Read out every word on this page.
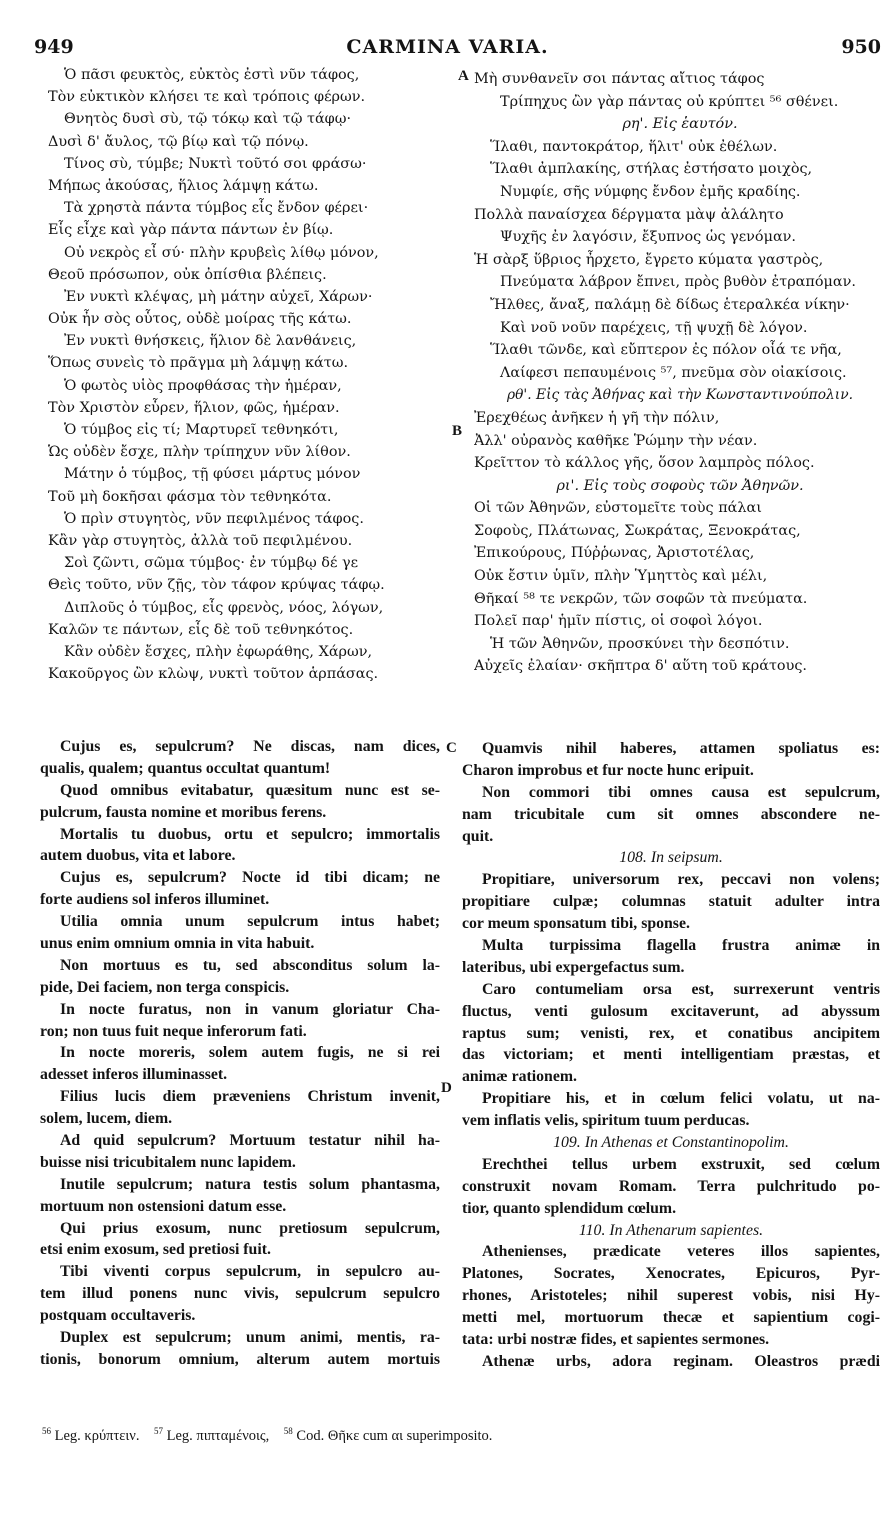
949	CARMINA VARIA.	950
A
B
C
D
Ὁ πᾶσι φευκτὸς, εὐκτὸς ἐστὶ νῦν τάφος,
Τὸν εὐκτικὸν κλήσει τε καὶ τρόποις φέρων.
Θνητὸς δυσὶ σὺ, τῷ τόκῳ καὶ τῷ τάφῳ·
Δυσὶ δ' ἄυλος, τῷ βίῳ καὶ τῷ πόνῳ.
Τίνος σὺ, τύμβε; Νυκτὶ τοῦτό σοι φράσω·
Μήπως ἀκούσας, ἥλιος λάμψῃ κάτω.
Τὰ χρηστὰ πάντα τύμβος εἷς ἔνδον φέρει·
Εἷς εἶχε καὶ γὰρ πάντα πάντων ἐν βίῳ.
Οὐ νεκρὸς εἶ σύ· πλὴν κρυβεὶς λίθῳ μόνον,
Θεοῦ πρόσωπον, οὐκ ὀπίσθια βλέπεις.
Ἐν νυκτὶ κλέψας, μὴ μάτην αὐχεῖ, Χάρων·
Οὐκ ἦν σὸς οὗτος, οὐδὲ μοίρας τῆς κάτω.
Ἐν νυκτὶ θνήσκεις, ἥλιον δὲ λανθάνεις,
Ὅπως συνεὶς τὸ πρᾶγμα μὴ λάμψῃ κάτω.
Ὁ φωτὸς υἱὸς προφθάσας τὴν ἡμέραν,
Τὸν Χριστὸν εὗρεν, ἥλιον, φῶς, ἡμέραν.
Ὁ τύμβος εἰς τί; Μαρτυρεῖ τεθνηκότι,
Ὡς οὐδὲν ἔσχε, πλὴν τρίπηχυν νῦν λίθον.
Μάτην ὁ τύμβος, τῇ φύσει μάρτυς μόνον
Τοῦ μὴ δοκῆσαι φάσμα τὸν τεθνηκότα.
Ὁ πρὶν στυγητὸς, νῦν πεφιλμένος τάφος.
Κἂν γὰρ στυγητὸς, ἀλλὰ τοῦ πεφιλμένου.
Σοὶ ζῶντι, σῶμα τύμβος· ἐν τύμβῳ δέ γε
Θεὶς τοῦτο, νῦν ζῇς, τὸν τάφον κρύψας τάφῳ.
Διπλοῦς ὁ τύμβος, εἷς φρενὸς, νόος, λόγων,
Καλῶν τε πάντων, εἷς δὲ τοῦ τεθνηκότος.
Κἂν οὐδὲν ἔσχες, πλὴν ἐφωράθης, Χάρων,
Κακοῦργος ὢν κλὼψ, νυκτὶ τοῦτον ἁρπάσας.
Μὴ συνθανεῖν σοι πάντας αἴτιος τάφος
Τρίπηχυς ὢν γὰρ πάντας οὐ κρύπτει ⁵⁶ σθένει.
ρη'. Εἰς ἑαυτόν.
Ἵλαθι, παντοκράτορ, ἥλιτ' οὐκ ἐθέλων.
Ἵλαθι ἀμπλακίης, στήλας ἐστήσατο μοιχὸς,
Νυμφίε, σῆς νύμφης ἔνδον ἐμῆς κραδίης.
Πολλὰ παναίσχεα δέργματα μὰψ ἀλάλητο
Ψυχῆς ἐν λαγόσιν, ἔξυπνος ὡς γενόμαν.
Ἡ σὰρξ ὕβριος ἦρχετο, ἔγρετο κύματα γαστρὸς,
Πνεύματα λάβρον ἔπνει, πρὸς βυθὸν ἐτραπόμαν.
Ἤλθες, ἄναξ, παλάμῃ δὲ δίδως ἑτεραλκέα νίκην·
Καὶ νοῦ νοῦν παρέχεις, τῇ ψυχῇ δὲ λόγον.
Ἵλαθι τῶνδε, καὶ εὔπτερον ἐς πόλον οἷά τε νῆα,
Λαίφεσι πεπαυμένοις ⁵⁷, πνεῦμα σὸν οἰακίσοις.
ρθ'. Εἰς τὰς Ἀθήνας καὶ τὴν Κωνσταντινούπολιν.
Ἐρεχθέως ἀνῆκεν ἡ γῆ τὴν πόλιν,
Ἀλλ' οὐρανὸς καθῆκε Ῥώμην τὴν νέαν.
Κρεῖττον τὸ κάλλος γῆς, ὅσον λαμπρὸς πόλος.
ρι'. Εἰς τοὺς σοφοὺς τῶν Ἀθηνῶν.
Οἱ τῶν Ἀθηνῶν, εὐστομεῖτε τοὺς πάλαι
Σοφοὺς, Πλάτωνας, Σωκράτας, Ξενοκράτας,
Ἐπικούρους, Πύῤῥωνας, Ἀριστοτέλας,
Οὐκ ἔστιν ὑμῖν, πλὴν Ὑμηττὸς καὶ μέλι,
Θῆκαί ⁵⁸ τε νεκρῶν, τῶν σοφῶν τὰ πνεύματα.
Πολεῖ παρ' ἡμῖν πίστις, οἱ σοφοὶ λόγοι.
Ἡ τῶν Ἀθηνῶν, προσκύνει τὴν δεσπότιν.
Αὐχεῖς ἐλαίαν· σκῆπτρα δ' αὕτη τοῦ κράτους.
Cujus es, sepulcrum? Ne discas, nam dices,
qualis, qualem; quantus occultat quantum!
Quod omnibus evitabatur, quæsitum nunc est se-
pulcrum, fausta nomine et moribus ferens.
Mortalis tu duobus, ortu et sepulcro; immortalis
autem duobus, vita et labore.
Cujus es, sepulcrum? Nocte id tibi dicam; ne
forte audiens sol inferos illuminet.
Utilia omnia unum sepulcrum intus habet;
unus enim omnium omnia in vita habuit.
Non mortuus es tu, sed absconditus solum la-
pide, Dei faciem, non terga conspicis.
In nocte furatus, non in vanum gloriatur Cha-
ron; non tuus fuit neque inferorum fati.
In nocte moreris, solem autem fugis, ne si rei
adesset inferos illuminasset.
Filius lucis diem præveniens Christum invenit,
solem, lucem, diem.
Ad quid sepulcrum? Mortuum testatur nihil ha-
buisse nisi tricubitalem nunc lapidem.
Inutile sepulcrum; natura testis solum phantasma,
mortuum non ostensioni datum esse.
Qui prius exosum, nunc pretiosum sepulcrum,
etsi enim exosum, sed pretiosi fuit.
Tibi viventi corpus sepulcrum, in sepulcro au-
tem illud ponens nunc vivis, sepulcrum sepulcro
postquam occultaveris.
Duplex est sepulcrum; unum animi, mentis, ra-
tionis, bonorum omnium, alterum autem mortuis
Quamvis nihil haberes, attamen spoliatus es:
Charon improbus et fur nocte hunc eripuit.
Non commori tibi omnes causa est sepulcrum,
nam tricubitale cum sit omnes abscondere ne-
quit.
108. In seipsum.
Propitiare, universorum rex, peccavi non volens;
propitiare culpæ; columnas statuit adulter intra
cor meum sponsatum tibi, sponse.
Multa turpissima flagella frustra animæ in
lateribus, ubi expergefactus sum.
Caro contumeliam orsa est, surrexerunt ventris
fluctus, venti gulosum excitaverunt, ad abyssum
raptus sum; venisti, rex, et conatibus ancipitem
das victoriam; et menti intelligentiam præstas, et
animæ rationem.
Propitiare his, et in cœlum felici volatu, ut na-
vem inflatis velis, spiritum tuum perducas.
109. In Athenas et Constantinopolim.
Erechthei tellus urbem exstruxit, sed cœlum
construxit novam Romam. Terra pulchritudo po-
tior, quanto splendidum cœlum.
110. In Athenarum sapientes.
Athenienses, prædicate veteres illos sapientes,
Platones, Socrates, Xenocrates, Epicuros, Pyr-
rhones, Aristoteles; nihil superest vobis, nisi Hy-
metti mel, mortuorum thecæ et sapientium cogi-
tata: urbi nostræ fides, et sapientes sermones.
Athenæ urbs, adora reginam. Oleastros prædi
$^{56}$ Leg. κρύπτειν. $^{57}$ Leg. πιπταμένοις, $^{58}$ Cod. Θῆκε cum αι superimposito.
